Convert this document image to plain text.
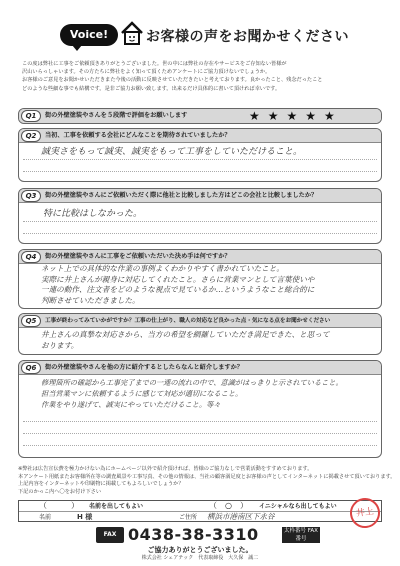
Voice!	お客様の声をお聞かせください

この度は弊社に工事をご依頼頂きありがとうございました。世の中には弊社の存在やサービスをご存知ない皆様が

沢山いらっしゃいます。その方たちに弊社をよく知って頂くためアンケートにご協力頂けないでしょうか。

お客様のご意見をお聞かせいただきまた今後の活動に反映させていただきたいと考えております。良かったこと、残念だったこと

どのような些細な事でも結構です。是非ご協力お願い致します。出来るだけ具体的に書いて頂ければ幸いです。

Q1	街の外壁塗装やさんを５段階で評価をお願いします	★★★★★
Q2	当初、工事を依頼する会社にどんなことを期待されていましたか？
誠実さをもって誠実、誠実をもって工事をしていただけること。
Q3	街の外壁塗装やさんにご依頼いただく際に他社と比較しました方はどこの会社と比較しましたか？
特に比較はしなかった。
Q4	街の外壁塗装やさんに工事をご依頼いただいた決め手は何ですか？
ネット上での具体的な作業の事例よくわかりやすく書かれていたこと。
実際に井上さんが親身に対応してくれたこと。さらに営業マンとして言葉使いや
一連の動作、注文者をどのような視点で見ているか…というようなこと総合的に
判断させていただきました。
Q5	工事が終わってみていかがですか？工事の仕上がり、職人の対応など良かった点・気になる点をお聞かせください
井上さんの真摯な対応さから、当方の希望を網羅していただき満足できた、と思って
おります。
Q6	街の外壁塗装やさんを他の方に紹介するとしたらなんと紹介しますか？
修理箇所の確認から工事完了までの一連の流れの中で、意識がはっきりと示されていること。
担当営業マンに依頼するように感じて対応が適切になること。
作業をやり遂げて、誠実にやっていただけること。等々

※弊社は広告宣伝費を極力かけない為にホームページ以外で紹介頂ければ、皆様のご協力なしで営業活動をすすめております。

本アンケート用紙またお客様所在等の調査風景や工事写真、その他の情報は、当社の顧客満足度とお客様の声としてインターネットに掲載させて頂いております。

上記内容をインターネットや印刷物に掲載してもよろしいでしょうか？

下記のかっこ内へ〇をお付け下さい

（　　　） 名前を出してもよい	（　○　） イニシャルなら出してもよい
名前	H 様	ご住所 横浜市港南区下永谷	井上
FAX 0438-38-3310	太枠番号 FAX番号
ご協力ありがとうございました。
株式会社 シェアテック　代表取締役　大久保　誠二
